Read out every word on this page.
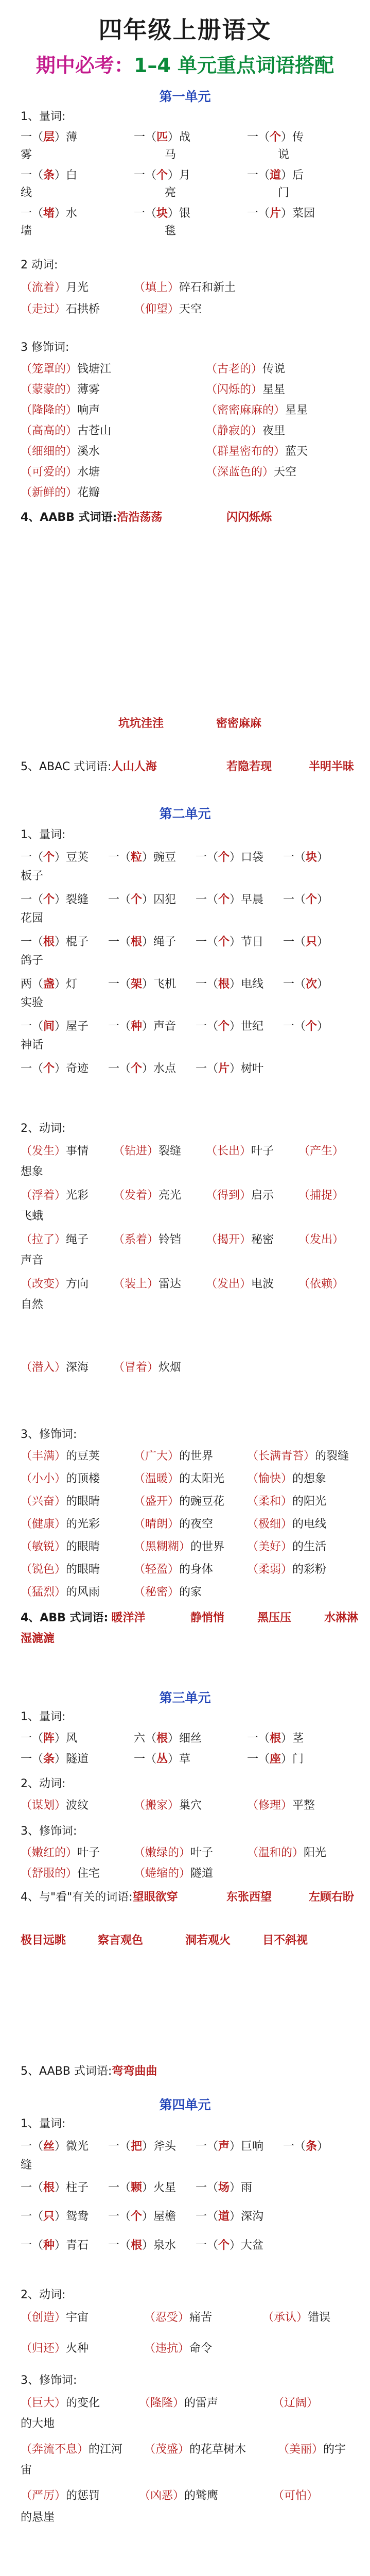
四年级上册语文
期中必考：1–4 单元重点词语搭配
第一单元
1、量词:
一（层）薄	一（匹）战	一（个）传
雾	马	说
一（条）白	一（个）月	一（道）后
线	亮	门
一（堵）水	一（块）银	一（片）菜园
墙	毯
2 动词:
（流着）月光	（填上）碎石和新土
（走过）石拱桥	（仰望）天空
3 修饰词:
（笼罩的）钱塘江	（古老的）传说
（蒙蒙的）薄雾	（闪烁的）星星
（隆隆的）响声	（密密麻麻的）星星
（高高的）古苍山	（静寂的）夜里
（细细的）溪水	（群星密布的）蓝天
（可爱的）水塘	（深蓝色的）天空
（新鲜的）花瓣
4、AABB 式词语:浩浩荡荡	闪闪烁烁
坑坑洼洼	密密麻麻
5、ABAC 式词语:人山人海	若隐若现	半明半昧
第二单元
1、量词:
一（个）豆荚 一（粒）豌豆 一（个）口袋 一（块）
板子
一（个）裂缝 一（个）囚犯 一（个）早晨 一（个）
花园
一（根）棍子 一（根）绳子 一（个）节日 一（只）
鸽子
两（盏）灯	一（架）飞机 一（根）电线 一（次）
实验
一（间）屋子 一（种）声音 一（个）世纪 一（个）
神话
一（个）奇迹 一（个）水点 一（片）树叶
2、动词:
（发生）事情 （钻进）裂缝 （长出）叶子 （产生）
想象
（浮着）光彩 （发着）亮光 （得到）启示 （捕捉）
飞蛾
（拉了）绳子 （系着）铃铛 （揭开）秘密 （发出）
声音
（改变）方向 （装上）雷达 （发出）电波 （依赖）
自然
（潜入）深海 （冒着）炊烟
3、修饰词:
（丰满）的豆荚	（广大）的世界	（长满青苔）的裂缝
（小小）的顶楼	（温暖）的太阳光 （愉快）的想象
（兴奋）的眼睛	（盛开）的豌豆花 （柔和）的阳光
（健康）的光彩	（晴朗）的夜空	（极细）的电线
（敏锐）的眼睛	（黑糊糊）的世界 （美好）的生活
（锐色）的眼睛	（轻盈）的身体	（柔弱）的彩粉
（猛烈）的风雨	（秘密）的家
4、ABB 式词语: 暖洋洋	静悄悄	黑压压	水淋淋
湿漉漉
第三单元
1、量词:
一（阵）风	六（根）细丝	一（根）茎
一（条）隧道	一（丛）草	一（座）门
2、动词:
（谋划）波纹	（搬家）巢穴	（修理）平整
3、修饰词:
（嫩红的）叶子	（嫩绿的）叶子	（温和的）阳光
（舒服的）住宅	（蜷缩的）隧道
4、与"看"有关的词语:望眼欲穿	东张西望	左顾右盼
极目远眺	察言观色	洞若观火	目不斜视
5、AABB 式词语:弯弯曲曲
第四单元
1、量词:
一（丝）微光 一（把）斧头 一（声）巨响 一（条）
缝
一（根）柱子 一（颗）火星 一（场）雨
一（只）鸳鸯 一（个）屋檐 一（道）深沟
一（种）青石 一（根）泉水 一（个）大盆
2、动词:
（创造）宇宙	（忍受）痛苦	（承认）错误
（归还）火种	（违抗）命令
3、修饰词:
（巨大）的变化	（隆隆）的雷声	（辽阔）
的大地
（奔流不息）的江河 （茂盛）的花草树木	（美丽）的宇
宙
（严厉）的惩罚	（凶恶）的鹫鹰	（可怕）
的悬崖
